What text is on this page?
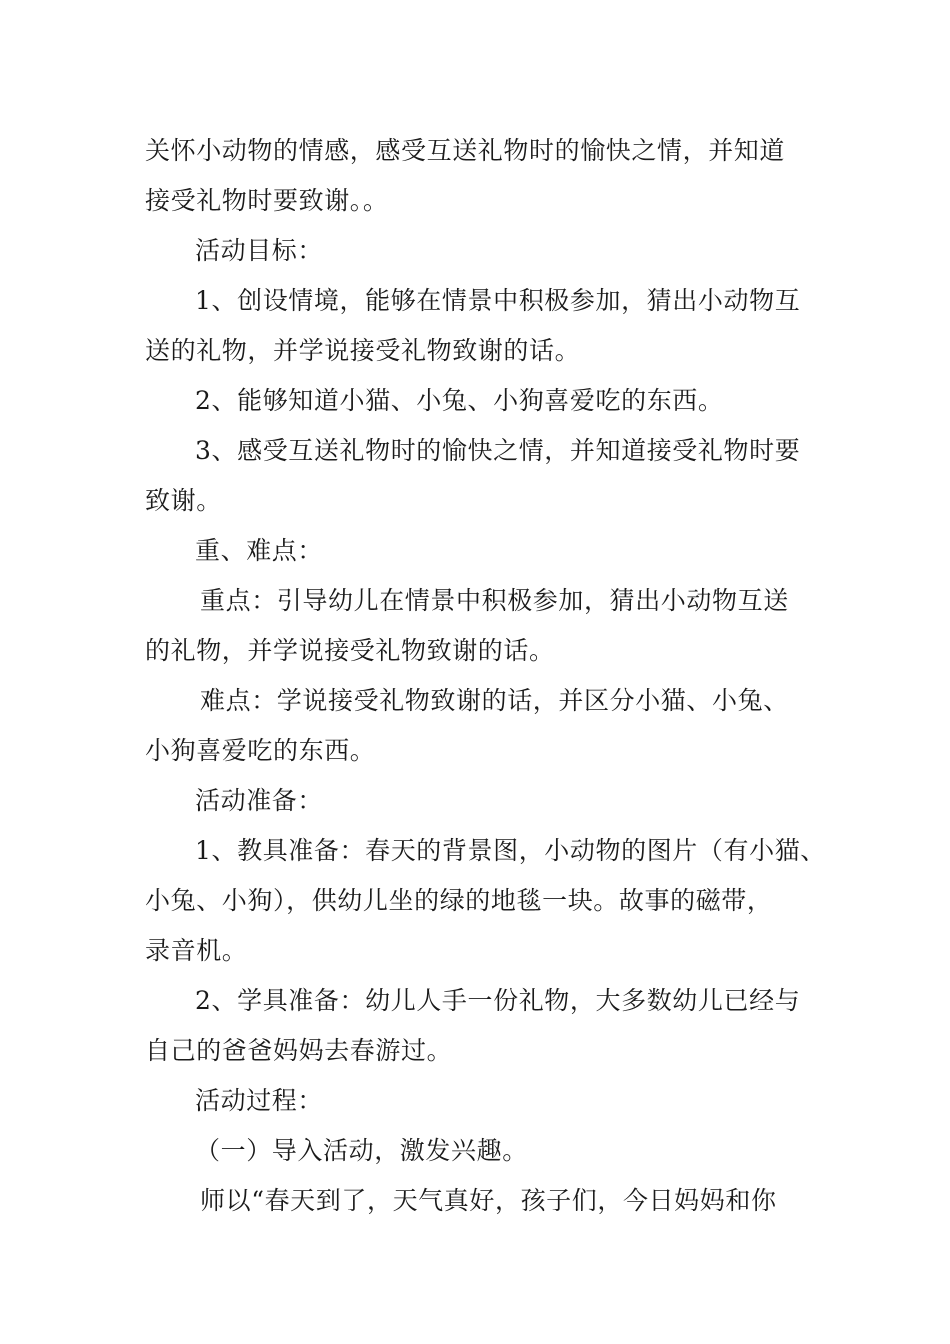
关怀小动物的情感，感受互送礼物时的愉快之情，并知道
接受礼物时要致谢。。
活动目标：
1、创设情境，能够在情景中积极参加，猜出小动物互
送的礼物，并学说接受礼物致谢的话。
2、能够知道小猫、小兔、小狗喜爱吃的东西。
3、感受互送礼物时的愉快之情，并知道接受礼物时要
致谢。
重、难点：
重点：引导幼儿在情景中积极参加，猜出小动物互送
的礼物，并学说接受礼物致谢的话。
难点：学说接受礼物致谢的话，并区分小猫、小兔、
小狗喜爱吃的东西。
活动准备：
1、教具准备：春天的背景图，小动物的图片（有小猫、
小兔、小狗），供幼儿坐的绿的地毯一块。故事的磁带，
录音机。
2、学具准备：幼儿人手一份礼物，大多数幼儿已经与
自己的爸爸妈妈去春游过。
活动过程：
（一）导入活动，激发兴趣。
师以“春天到了，天气真好，孩子们，今日妈妈和你
